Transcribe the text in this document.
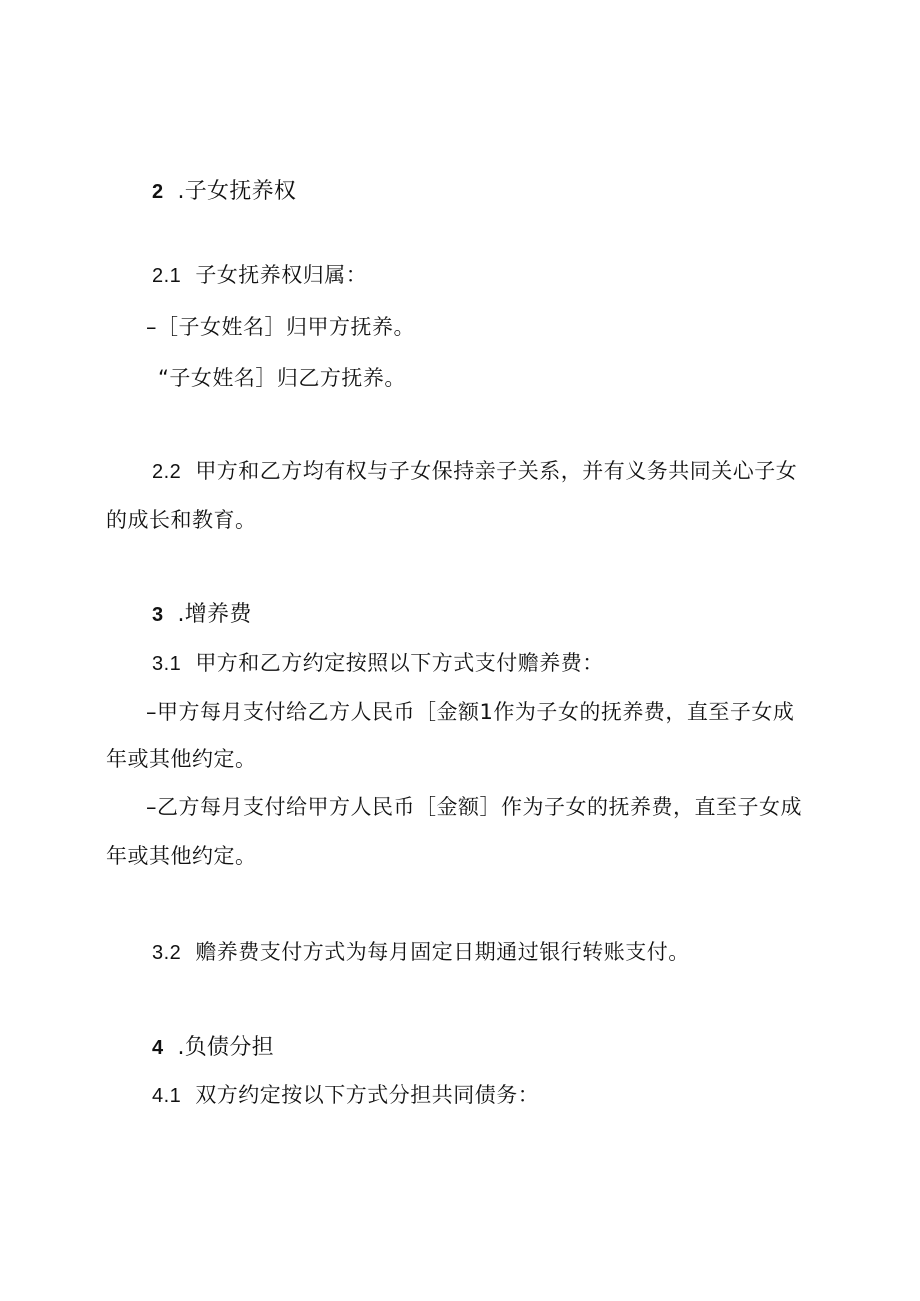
2 .子女抚养权
2.1 子女抚养权归属：
–［子女姓名］归甲方抚养。
“子女姓名］归乙方抚养。
2.2 甲方和乙方均有权与子女保持亲子关系，并有义务共同关心子女
的成长和教育。
3 .增养费
3.1 甲方和乙方约定按照以下方式支付赡养费：
–甲方每月支付给乙方人民币［金额1作为子女的抚养费，直至子女成
年或其他约定。
–乙方每月支付给甲方人民币［金额］作为子女的抚养费，直至子女成
年或其他约定。
3.2 赡养费支付方式为每月固定日期通过银行转账支付。
4 .负债分担
4.1 双方约定按以下方式分担共同债务：
